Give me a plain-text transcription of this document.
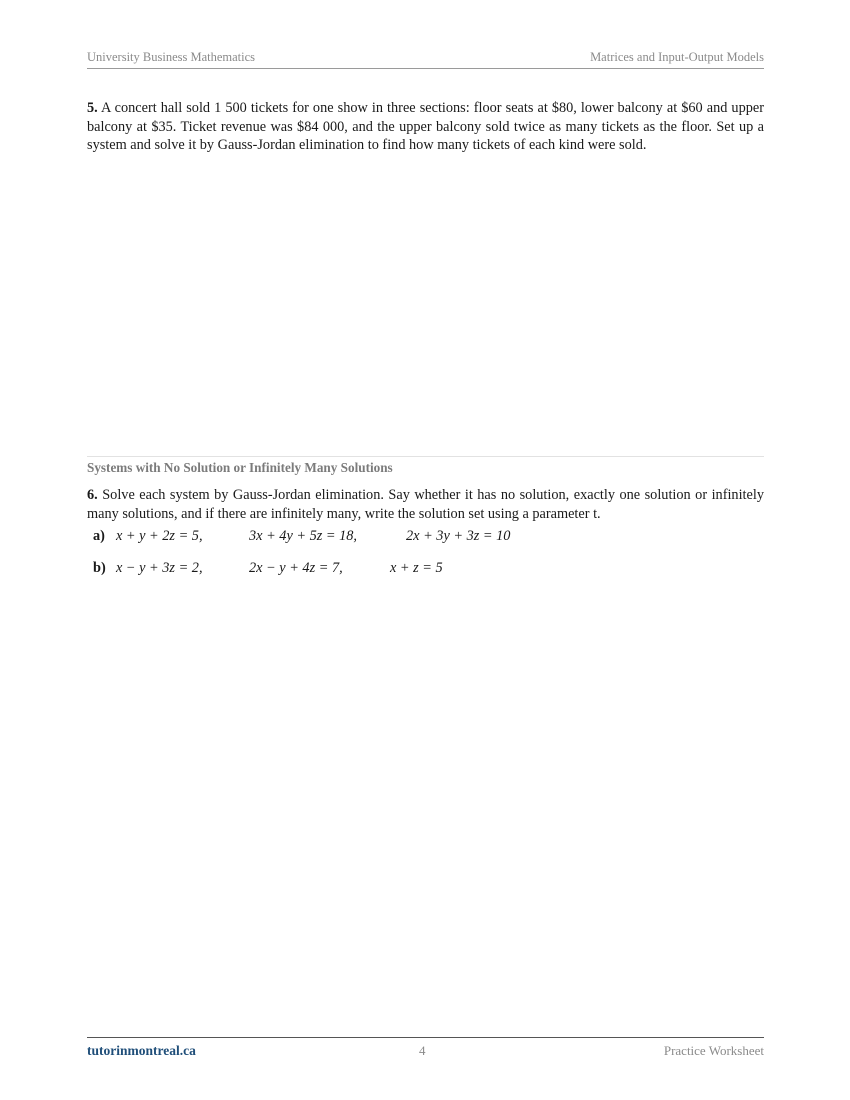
University Business Mathematics	Matrices and Input-Output Models
5. A concert hall sold 1 500 tickets for one show in three sections: floor seats at $80, lower balcony at $60 and upper balcony at $35. Ticket revenue was $84 000, and the upper balcony sold twice as many tickets as the floor. Set up a system and solve it by Gauss-Jordan elimination to find how many tickets of each kind were sold.
Systems with No Solution or Infinitely Many Solutions
6. Solve each system by Gauss-Jordan elimination. Say whether it has no solution, exactly one solution or infinitely many solutions, and if there are infinitely many, write the solution set using a parameter t.
a) x + y + 2z = 5,	3x + 4y + 5z = 18,	2x + 3y + 3z = 10
b) x − y + 3z = 2,	2x − y + 4z = 7,	x + z = 5
tutorinmontreal.ca	4	Practice Worksheet
